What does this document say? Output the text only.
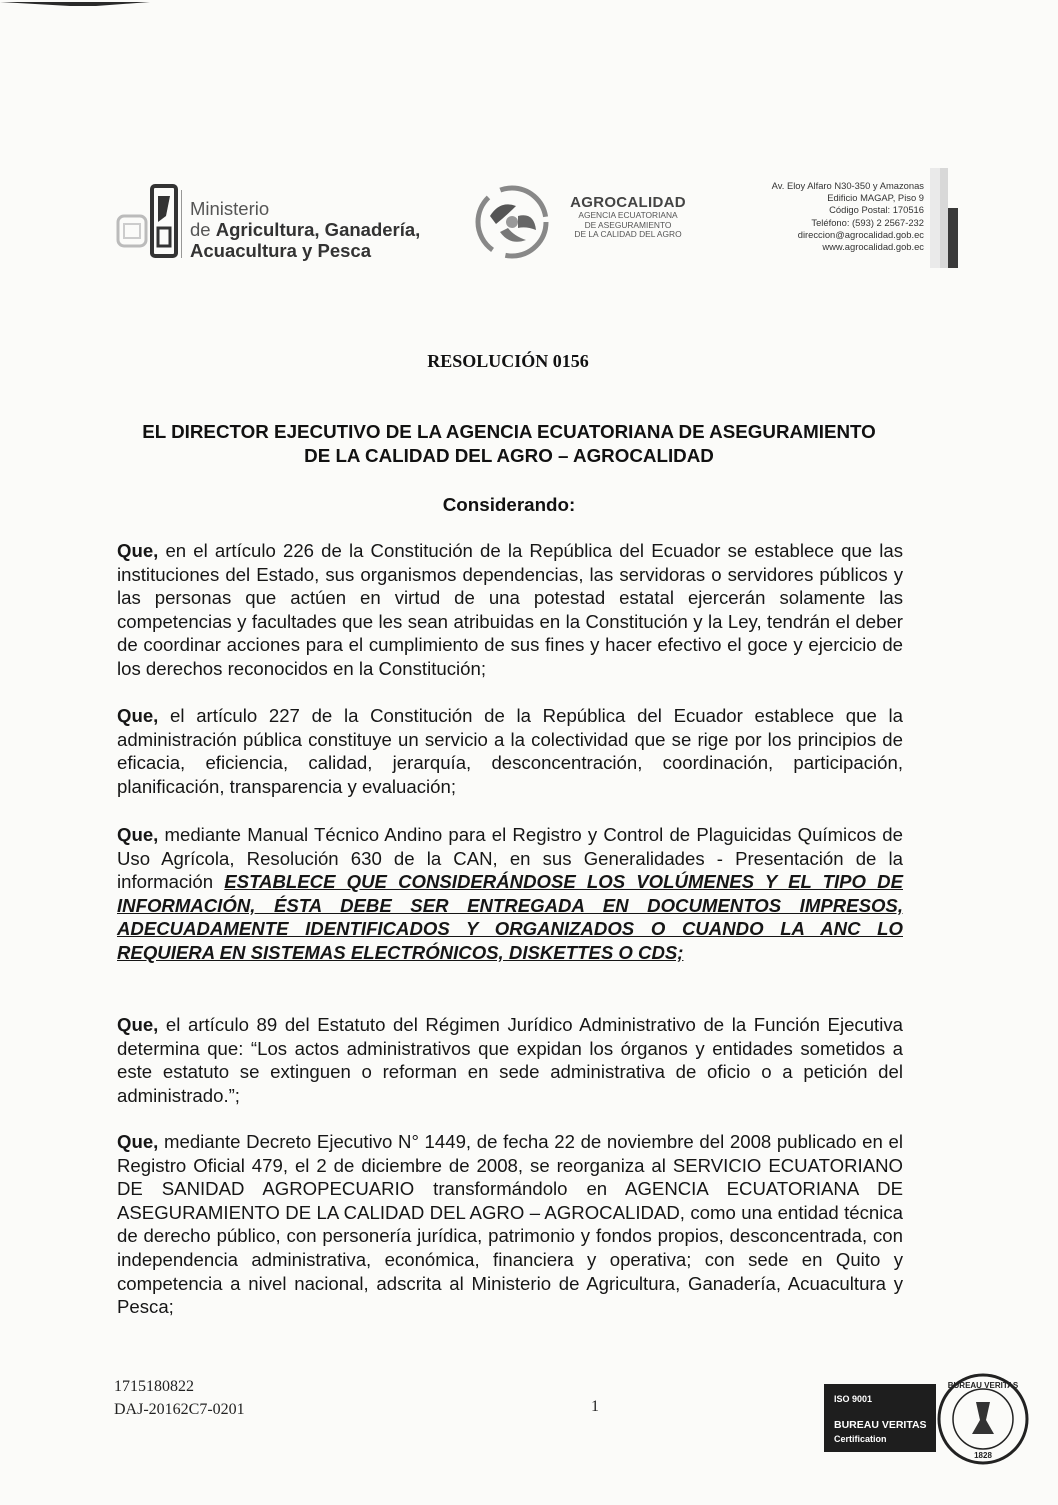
Ministerio
de Agricultura, Ganadería,
Acuacultura y Pesca
AGROCALIDAD
AGENCIA ECUATORIANA
DE ASEGURAMIENTO
DE LA CALIDAD DEL AGRO
Av. Eloy Alfaro N30-350 y Amazonas
Edificio MAGAP, Piso 9
Código Postal: 170516
Teléfono: (593) 2 2567-232
direccion@agrocalidad.gob.ec
www.agrocalidad.gob.ec
RESOLUCIÓN 0156
EL DIRECTOR EJECUTIVO DE LA AGENCIA ECUATORIANA DE ASEGURAMIENTO
DE LA CALIDAD DEL AGRO – AGROCALIDAD
Considerando:
Que, en el artículo 226 de la Constitución de la República del Ecuador se establece que las instituciones del Estado, sus organismos dependencias, las servidoras o servidores públicos y las personas que actúen en virtud de una potestad estatal ejercerán solamente las competencias y facultades que les sean atribuidas en la Constitución y la Ley, tendrán el deber de coordinar acciones para el cumplimiento de sus fines y hacer efectivo el goce y ejercicio de los derechos reconocidos en la Constitución;
Que, el artículo 227 de la Constitución de la República del Ecuador establece que la administración pública constituye un servicio a la colectividad que se rige por los principios de eficacia, eficiencia, calidad, jerarquía, desconcentración, coordinación, participación, planificación, transparencia y evaluación;
Que, mediante Manual Técnico Andino para el Registro y Control de Plaguicidas Químicos de Uso Agrícola, Resolución 630 de la CAN, en sus Generalidades - Presentación de la información ESTABLECE QUE CONSIDERÁNDOSE LOS VOLÚMENES Y EL TIPO DE INFORMACIÓN, ÉSTA DEBE SER ENTREGADA EN DOCUMENTOS IMPRESOS, ADECUADAMENTE IDENTIFICADOS Y ORGANIZADOS O CUANDO LA ANC LO REQUIERA EN SISTEMAS ELECTRÓNICOS, DISKETTES O CDS;
Que, el artículo 89 del Estatuto del Régimen Jurídico Administrativo de la Función Ejecutiva determina que: “Los actos administrativos que expidan los órganos y entidades sometidos a este estatuto se extinguen o reforman en sede administrativa de oficio o a petición del administrado.”;
Que, mediante Decreto Ejecutivo N° 1449, de fecha 22 de noviembre del 2008 publicado en el Registro Oficial 479, el 2 de diciembre de 2008, se reorganiza al SERVICIO ECUATORIANO DE SANIDAD AGROPECUARIO transformándolo en AGENCIA ECUATORIANA DE ASEGURAMIENTO DE LA CALIDAD DEL AGRO – AGROCALIDAD, como una entidad técnica de derecho público, con personería jurídica, patrimonio y fondos propios, desconcentrada, con independencia administrativa, económica, financiera y operativa; con sede en Quito y competencia a nivel nacional, adscrita al Ministerio de Agricultura, Ganadería, Acuacultura y Pesca;
1715180822
DAJ-20162C7-0201	1	ISO 9001
BUREAU VERITAS
Certification
BUREAU VERITAS
1828
